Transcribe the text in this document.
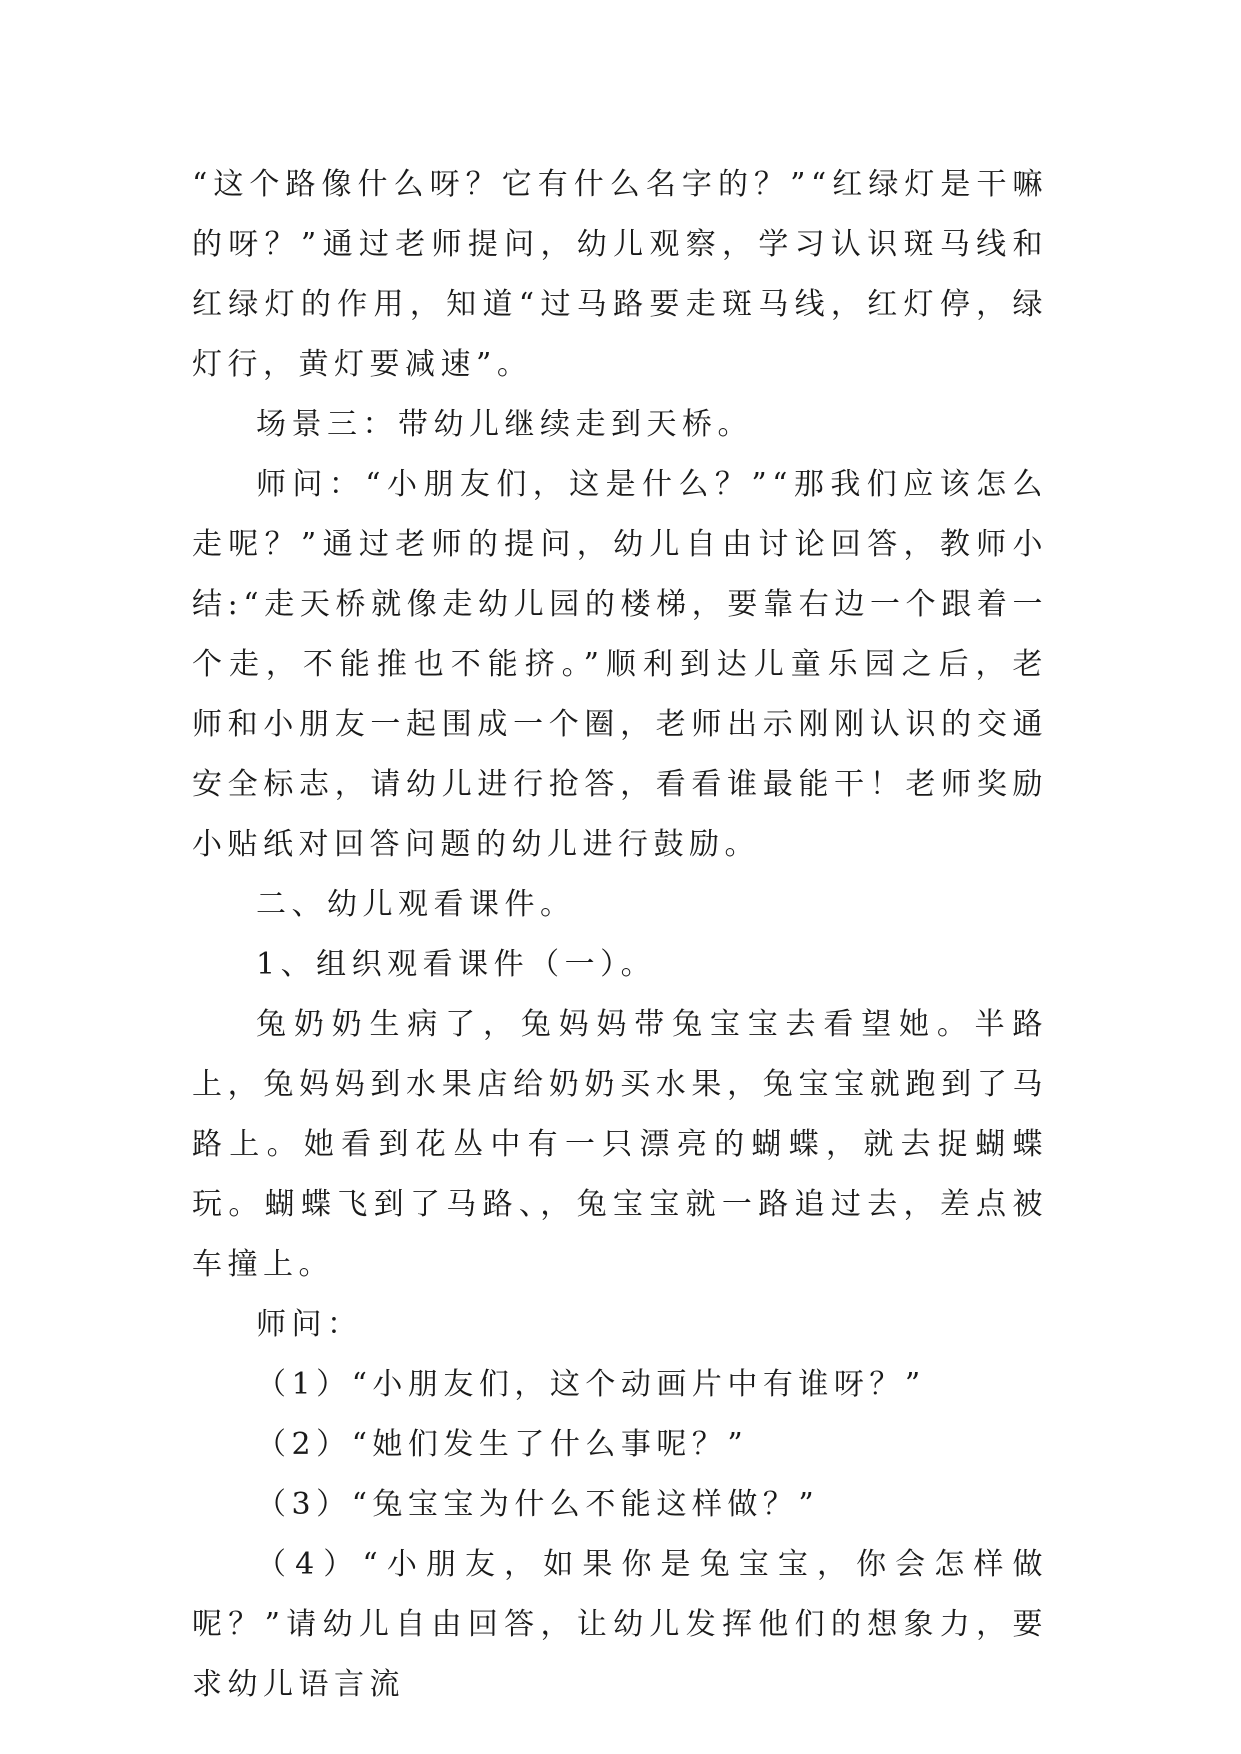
“这个路像什么呀？它有什么名字的？”“红绿灯是干嘛的呀？”通过老师提问，幼儿观察，学习认识斑马线和红绿灯的作用，知道“过马路要走斑马线，红灯停，绿灯行，黄灯要减速”。

场景三：带幼儿继续走到天桥。

师问：“小朋友们，这是什么？”“那我们应该怎么走呢？”通过老师的提问，幼儿自由讨论回答，教师小结:“走天桥就像走幼儿园的楼梯，要靠右边一个跟着一个走，不能推也不能挤。”顺利到达儿童乐园之后，老师和小朋友一起围成一个圈，老师出示刚刚认识的交通安全标志，请幼儿进行抢答，看看谁最能干！老师奖励小贴纸对回答问题的幼儿进行鼓励。

二、幼儿观看课件。

1、组织观看课件（一）。

兔奶奶生病了，兔妈妈带兔宝宝去看望她。半路上，兔妈妈到水果店给奶奶买水果，兔宝宝就跑到了马路上。她看到花丛中有一只漂亮的蝴蝶，就去捉蝴蝶玩。蝴蝶飞到了马路、，兔宝宝就一路追过去，差点被车撞上。

师问：

（1）“小朋友们，这个动画片中有谁呀？”

（2）“她们发生了什么事呢？”

（3）“兔宝宝为什么不能这样做？”

（4）“小朋友，如果你是兔宝宝，你会怎样做呢？”请幼儿自由回答，让幼儿发挥他们的想象力，要求幼儿语言流
